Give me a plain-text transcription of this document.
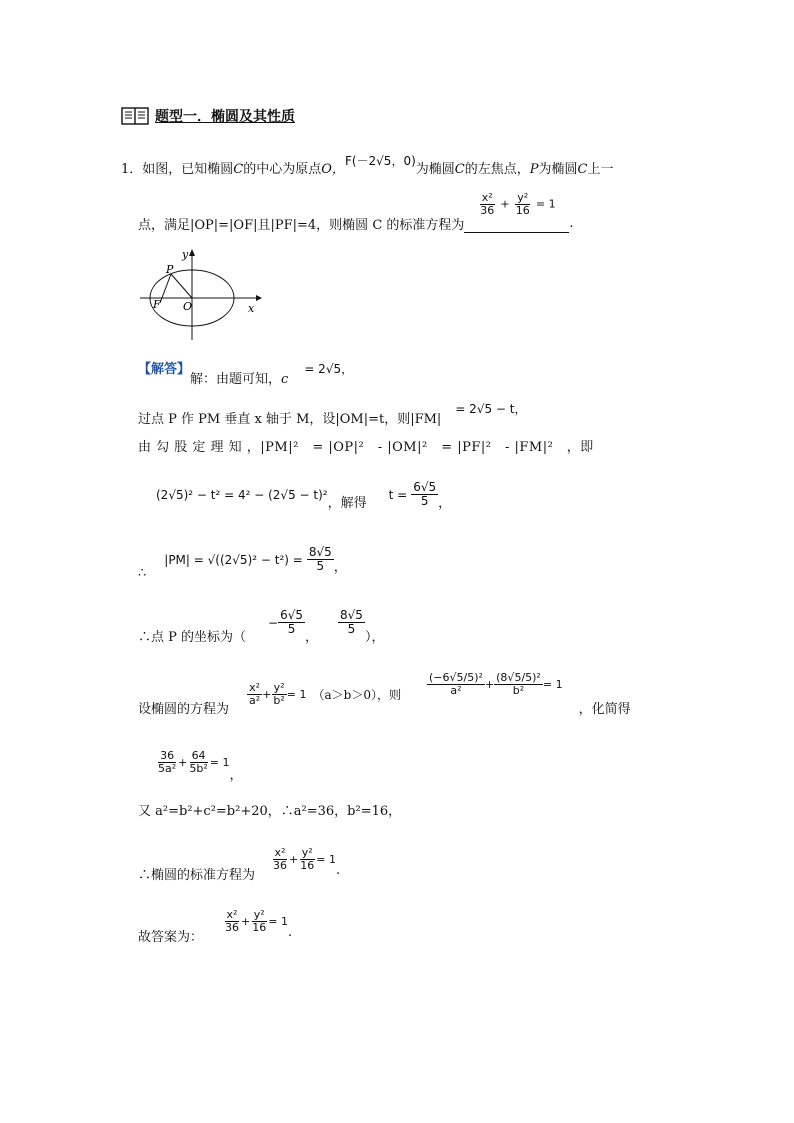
题型一．椭圆及其性质
1．如图，已知椭圆C的中心为原点O，F(－2√5，0)为椭圆C的左焦点，P为椭圆C上一
点，满足|OP|=|OF|且|PF|=4，则椭圆 C 的标准方程为
$\frac{\text{x²}}{36} + \frac{\text{y²}}{16} = 1$
.
y
x
P
F O
【解答】解：由题可知，c= 2√5，
过点 P 作 PM 垂直 x 轴于 M，设|OM|=t，则|FM|= 2√5 − t，
由 勾 股 定 理 知 ，|PM|²　= |OP|²　- |OM|²　= |PF|²　- |FM|²　，即
(2√5)² − t² = 4² − (2√5 − t)²
，解得
$t = \frac{6√5}{5}$ ，
∴
$|PM| = √((2√5)^2 - t^2) = \frac{8√5}{5}$ ，
∴点 P 的坐标为（
− $\frac{6√5}{5}$
，
$\frac{8√5}{5}$
），
设椭圆的方程为
$\frac{\text{x²}}{\text{a²}} + \frac{\text{y²}}{\text{b²}} = 1$ （a＞b＞0），则 $\frac{\text{(−6√5/5)²}}{\text{a²}} + \frac{\text{(8√5/5)²}}{\text{b²}} = 1$
，化简得
$\frac{36}{\text{5a²}} + \frac{64}{\text{5b²}} = 1$
，
又 a²=b²+c²=b²+20，∴a²=36，b²=16，
∴椭圆的标准方程为
$\frac{\text{x²}}{36} + \frac{\text{y²}}{16} = 1$
.
故答案为：
$\frac{\text{x²}}{36} + \frac{\text{y²}}{16} = 1$
.
